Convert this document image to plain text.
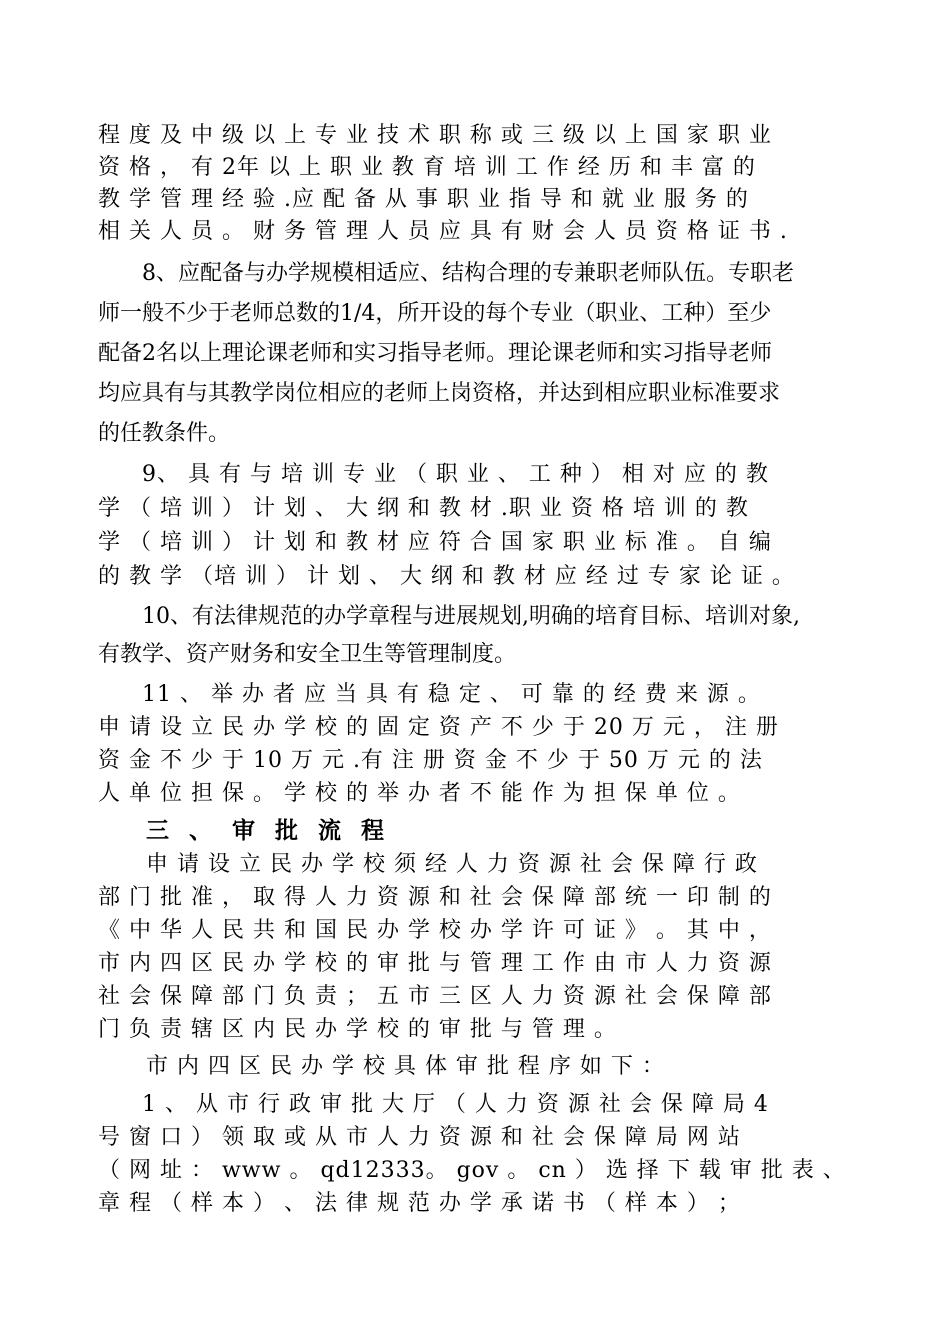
程 度 及 中 级 以 上 专 业 技 术 职 称 或 三 级 以 上 国 家 职 业
资 格 ， 有 2年 以 上 职 业 教 育 培 训 工 作 经 历 和 丰 富 的
教 学 管 理 经 验 .应 配 备 从 事 职 业 指 导 和 就 业 服 务 的
相 关 人 员 。 财 务 管 理 人 员 应 具 有 财 会 人 员 资 格 证 书 .
8、应配备与办学规模相适应、结构合理的专兼职老师队伍。专职老
师一般不少于老师总数的1/4，所开设的每个专业（职业、工种）至少
配备2名以上理论课老师和实习指导老师。理论课老师和实习指导老师
均应具有与其教学岗位相应的老师上岗资格，并达到相应职业标准要求
的任教条件。
9、 具 有 与 培 训 专 业 （ 职 业 、 工 种 ） 相 对 应 的 教
学 （ 培 训 ） 计 划 、 大 纲 和 教 材 .职 业 资 格 培 训 的 教
学 （ 培 训 ） 计 划 和 教 材 应 符 合 国 家 职 业 标 准 。 自 编
的 教 学 （培 训 ） 计 划 、 大 纲 和 教 材 应 经 过 专 家 论 证 。
10、有法律规范的办学章程与进展规划,明确的培育目标、培训对象,
有教学、资产财务和安全卫生等管理制度。
11 、 举 办 者 应 当 具 有 稳 定 、 可 靠 的 经 费 来 源 。
申 请 设 立 民 办 学 校 的 固 定 资 产 不 少 于 20 万 元 ， 注 册
资 金 不 少 于 10 万 元 .有 注 册 资 金 不 少 于 50 万 元 的 法
人 单 位 担 保 。 学 校 的 举 办 者 不 能 作 为 担 保 单 位 。
三 、 审 批 流 程
申 请 设 立 民 办 学 校 须 经 人 力 资 源 社 会 保 障 行 政
部 门 批 准 ， 取 得 人 力 资 源 和 社 会 保 障 部 统 一 印 制 的
《 中 华 人 民 共 和 国 民 办 学 校 办 学 许 可 证 》 。 其 中 ，
市 内 四 区 民 办 学 校 的 审 批 与 管 理 工 作 由 市 人 力 资 源
社 会 保 障 部 门 负 责 ； 五 市 三 区 人 力 资 源 社 会 保 障 部
门 负 责 辖 区 内 民 办 学 校 的 审 批 与 管 理 。
市 内 四 区 民 办 学 校 具 体 审 批 程 序 如 下 ：
1 、 从 市 行 政 审 批 大 厅 （ 人 力 资 源 社 会 保 障 局 4
号 窗 口 ） 领 取 或 从 市 人 力 资 源 和 社 会 保 障 局 网 站
（ 网 址 ： www 。 qd12333。 gov 。 cn ） 选 择 下 载 审 批 表 、
章 程 （ 样 本 ） 、 法 律 规 范 办 学 承 诺 书 （ 样 本 ） ；
